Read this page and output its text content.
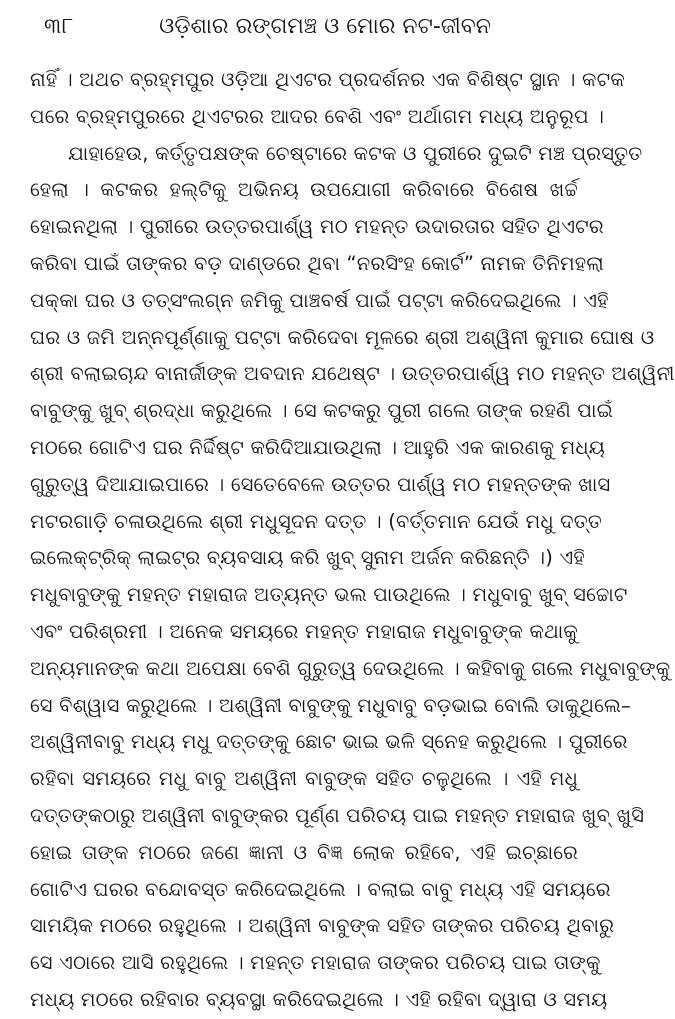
୩୮	ଓଡ଼ିଶାର ରଙ୍ଗମଞ୍ଚ ଓ ମୋର ନଟ-ଜୀବନ
ନାହିଁ । ଅଥଚ ବ୍ରହ୍ମପୁର ଓଡ଼ିଆ ଥିଏଟର ପ୍ରଦର୍ଶନର ଏକ ବିଶିଷ୍ଟ ସ୍ଥାନ । କଟକ
ପରେ ବ୍ରହ୍ମପୁରରେ ଥିଏଟରର ଆଦର ବେଶି ଏବଂ ଅର୍ଥାଗମ ମଧ୍ୟ ଅନୁରୂପ ।
ଯାହାହେଉ, କର୍ତ୍ତୃପକ୍ଷଙ୍କ ଚେଷ୍ଟାରେ କଟକ ଓ ପୁରୀରେ ଦୁଇଟି ମଞ୍ଚ ପ୍ରସ୍ତୁତ
ହେଲା । କଟକର ହଲ୍‌ଟିକୁ ଅଭିନୟ ଉପଯୋଗୀ କରିବାରେ ବିଶେଷ ଖର୍ଚ୍ଚ
ହୋଇନଥିଲା । ପୁରୀରେ ଉତ୍ତରପାର୍ଶ୍ୱ ମଠ ମହନ୍ତ ଉଦାରତାର ସହିତ ଥିଏଟର
କରିବା ପାଇଁ ତାଙ୍କର ବଡ଼ ଦାଣ୍ଡରେ ଥିବା “ନରସିଂହ କୋର୍ଟ” ନାମକ ତିନିମହଲା
ପକ୍କା ଘର ଓ ତତ୍‌ସଂଲଗ୍ନ ଜମିକୁ ପାଞ୍ଚବର୍ଷ ପାଇଁ ପଟ୍ଟା କରିଦେଇଥିଲେ । ଏହି
ଘର ଓ ଜମି ଅନ୍ନପୂର୍ଣ୍ଣାକୁ ପଟ୍ଟା କରିଦେବା ମୂଳରେ ଶ୍ରୀ ଅଶ୍ୱିନୀ କୁମାର ଘୋଷ ଓ
ଶ୍ରୀ ବଲାଇଚାନ୍ଦ ବାନାର୍ଜୀଙ୍କ ଅବଦାନ ଯଥେଷ୍ଟ । ଉତ୍ତରପାର୍ଶ୍ୱ ମଠ ମହନ୍ତ ଅଶ୍ୱିନୀ
ବାବୁଙ୍କୁ ଖୁବ୍ ଶ୍ରଦ୍ଧା କରୁଥିଲେ । ସେ କଟକରୁ ପୁରୀ ଗଲେ ତାଙ୍କ ରହଣି ପାଇଁ
ମଠରେ ଗୋଟିଏ ଘର ନିର୍ଦ୍ଦିଷ୍ଟ କରିଦିଆଯାଉଥିଲା । ଆହୁରି ଏକ କାରଣକୁ ମଧ୍ୟ
ଗୁରୁତ୍ୱ ଦିଆଯାଇପାରେ । ସେତେବେଳେ ଉତ୍ତର ପାର୍ଶ୍ୱ ମଠ ମହନ୍ତଙ୍କ ଖାସ
ମଟରଗାଡ଼ି ଚଳାଉଥିଲେ ଶ୍ରୀ ମଧୁସୂଦନ ଦତ୍ତ । (ବର୍ତ୍ତମାନ ଯେଉଁ ମଧୁ ଦତ୍ତ
ଇଲେକ୍‌ଟ୍ରିକ୍ ଲାଇଟ୍‌ର ବ୍ୟବସାୟ କରି ଖୁବ୍ ସୁନାମ ଅର୍ଜନ କରିଛନ୍ତି ।) ଏହି
ମଧୁବାବୁଙ୍କୁ ମହନ୍ତ ମହାରାଜ ଅତ୍ୟନ୍ତ ଭଲ ପାଉଥିଲେ । ମଧୁବାବୁ ଖୁବ୍ ସଚ୍ଚୋଟ
ଏବଂ ପରିଶ୍ରମୀ । ଅନେକ ସମୟରେ ମହନ୍ତ ମହାରାଜ ମଧୁବାବୁଙ୍କ କଥାକୁ
ଅନ୍ୟମାନଙ୍କ କଥା ଅପେକ୍ଷା ବେଶି ଗୁରୁତ୍ୱ ଦେଉଥିଲେ । କହିବାକୁ ଗଲେ ମଧୁବାବୁଙ୍କୁ
ସେ ବିଶ୍ୱାସ କରୁଥିଲେ । ଅଶ୍ୱିନୀ ବାବୁଙ୍କୁ ମଧୁବାବୁ ବଡ଼ଭାଇ ବୋଲି ଡାକୁଥିଲେ–
ଅଶ୍ୱିନୀବାବୁ ମଧ୍ୟ ମଧୁ ଦତ୍ତଙ୍କୁ ଛୋଟ ଭାଇ ଭଳି ସ୍ନେହ କରୁଥିଲେ । ପୁରୀରେ
ରହିବା ସମୟରେ ମଧୁ ବାବୁ ଅଶ୍ୱିନୀ ବାବୁଙ୍କ ସହିତ ଚଳୁଥିଲେ । ଏହି ମଧୁ
ଦତ୍ତଙ୍କଠାରୁ ଅଶ୍ୱିନୀ ବାବୁଙ୍କର ପୂର୍ଣ୍ଣ ପରିଚୟ ପାଇ ମହନ୍ତ ମହାରାଜ ଖୁବ୍ ଖୁସି
ହୋଇ ତାଙ୍କ ମଠରେ ଜଣେ ଜ୍ଞାନୀ ଓ ବିଜ୍ଞ ଲୋକ ରହିବେ, ଏହି ଇଚ୍ଛାରେ
ଗୋଟିଏ ଘରର ବନ୍ଦୋବସ୍ତ କରିଦେଇଥିଲେ । ବଲାଇ ବାବୁ ମଧ୍ୟ ଏହି ସମୟରେ
ସାମୟିକ ମଠରେ ରହୁଥିଲେ । ଅଶ୍ୱିନୀ ବାବୁଙ୍କ ସହିତ ତାଙ୍କର ପରିଚୟ ଥିବାରୁ
ସେ ଏଠାରେ ଆସି ରହୁଥିଲେ । ମହନ୍ତ ମହାରାଜ ତାଙ୍କର ପରିଚୟ ପାଇ ତାଙ୍କୁ
ମଧ୍ୟ ମଠରେ ରହିବାର ବ୍ୟବସ୍ଥା କରିଦେଇଥିଲେ । ଏହି ରହିବା ଦ୍ୱାରା ଓ ସମୟ
